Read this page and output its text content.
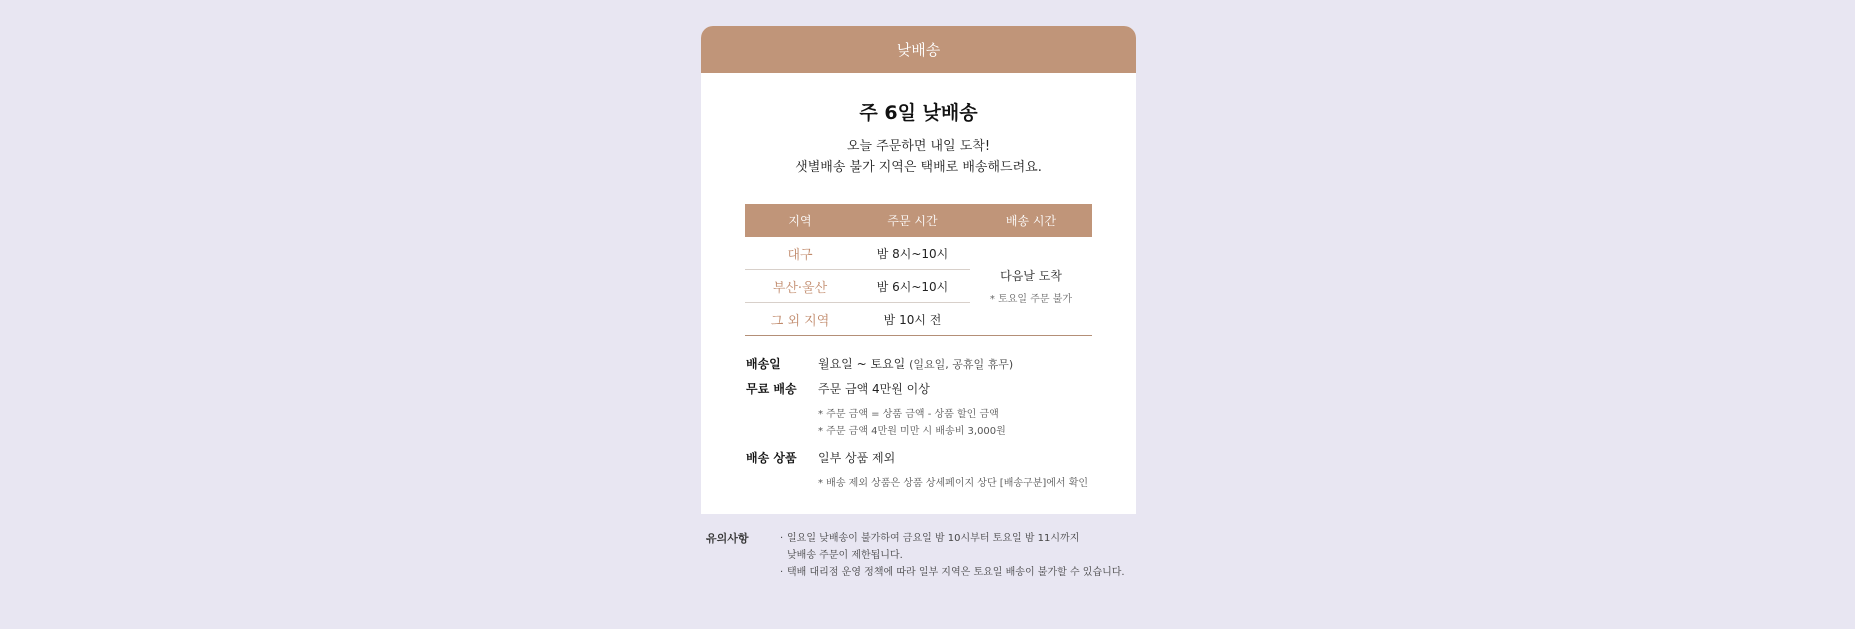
낮배송
주 6일 낮배송
오늘 주문하면 내일 도착!
샛별배송 불가 지역은 택배로 배송해드려요.
지역	주문 시간	배송 시간
대구	밤 8시~10시	다음날 도착
* 토요일 주문 불가

부산·울산	밤 6시~10시	
그 외 지역	밤 10시 전	
배송일	월요일 ~ 토요일 (일요일, 공휴일 휴무)
무료 배송	주문 금액 4만원 이상
* 주문 금액 = 상품 금액 - 상품 할인 금액
* 주문 금액 4만원 미만 시 배송비 3,000원
배송 상품	일부 상품 제외
* 배송 제외 상품은 상품 상세페이지 상단 [배송구분]에서 확인
유의사항	· 일요일 낮배송이 불가하여 금요일 밤 10시부터 토요일 밤 11시까지
낮배송 주문이 제한됩니다.
· 택배 대리점 운영 정책에 따라 일부 지역은 토요일 배송이 불가할 수 있습니다.
